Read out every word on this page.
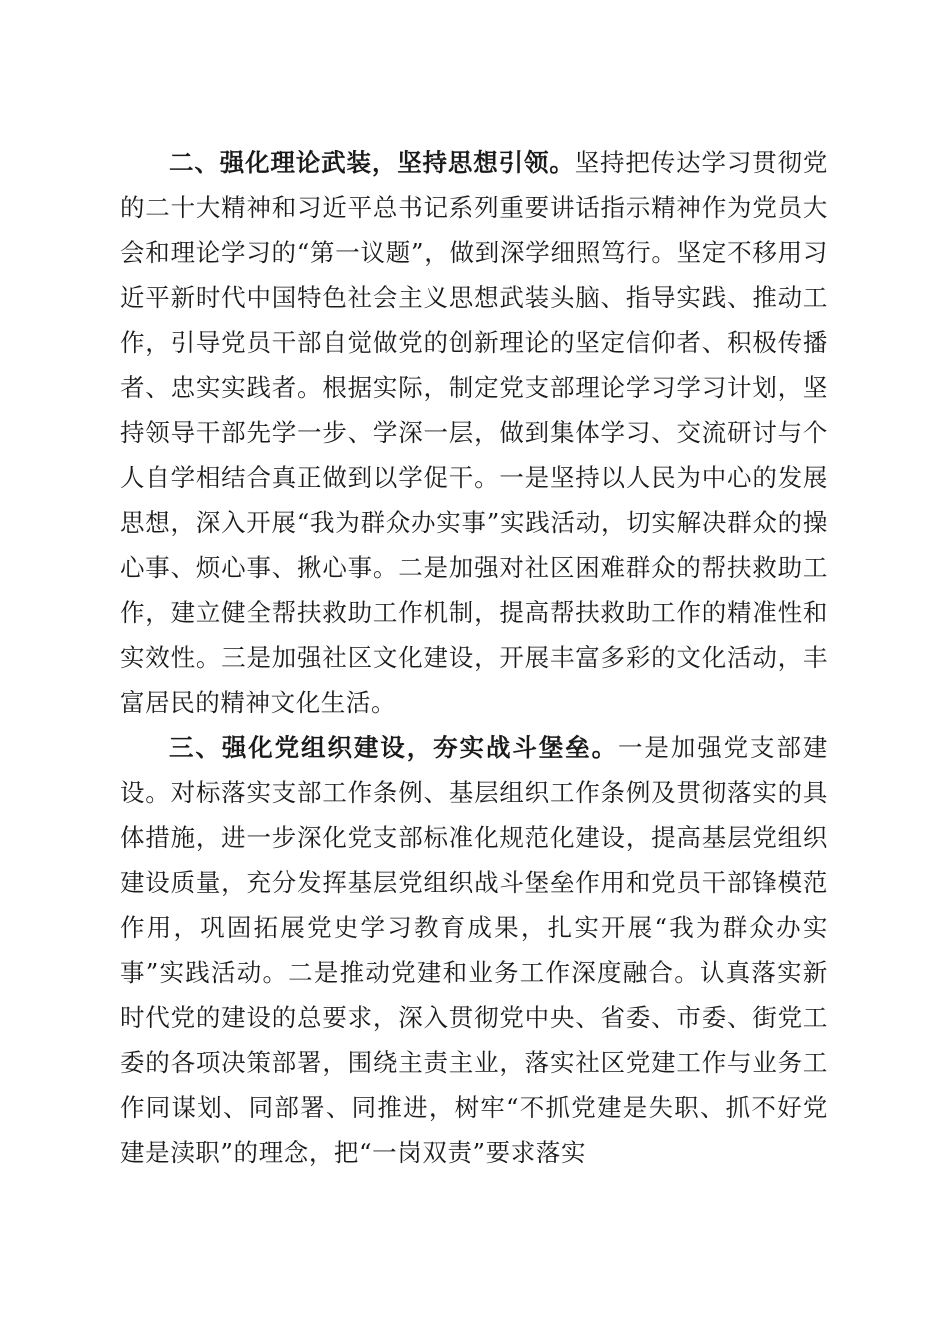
二、强化理论武装，坚持思想引领。坚持把传达学习贯彻党的二十大精神和习近平总书记系列重要讲话指示精神作为党员大会和理论学习的“第一议题”，做到深学细照笃行。坚定不移用习近平新时代中国特色社会主义思想武装头脑、指导实践、推动工作，引导党员干部自觉做党的创新理论的坚定信仰者、积极传播者、忠实实践者。根据实际，制定党支部理论学习学习计划，坚持领导干部先学一步、学深一层，做到集体学习、交流研讨与个人自学相结合真正做到以学促干。一是坚持以人民为中心的发展思想，深入开展“我为群众办实事”实践活动，切实解决群众的操心事、烦心事、揪心事。二是加强对社区困难群众的帮扶救助工作，建立健全帮扶救助工作机制，提高帮扶救助工作的精准性和实效性。三是加强社区文化建设，开展丰富多彩的文化活动，丰富居民的精神文化生活。

三、强化党组织建设，夯实战斗堡垒。一是加强党支部建设。对标落实支部工作条例、基层组织工作条例及贯彻落实的具体措施，进一步深化党支部标准化规范化建设，提高基层党组织建设质量，充分发挥基层党组织战斗堡垒作用和党员干部锋模范作用，巩固拓展党史学习教育成果，扎实开展“我为群众办实事”实践活动。二是推动党建和业务工作深度融合。认真落实新时代党的建设的总要求，深入贯彻党中央、省委、市委、街党工委的各项决策部署，围绕主责主业，落实社区党建工作与业务工作同谋划、同部署、同推进，树牢“不抓党建是失职、抓不好党建是渎职”的理念，把“一岗双责”要求落实
